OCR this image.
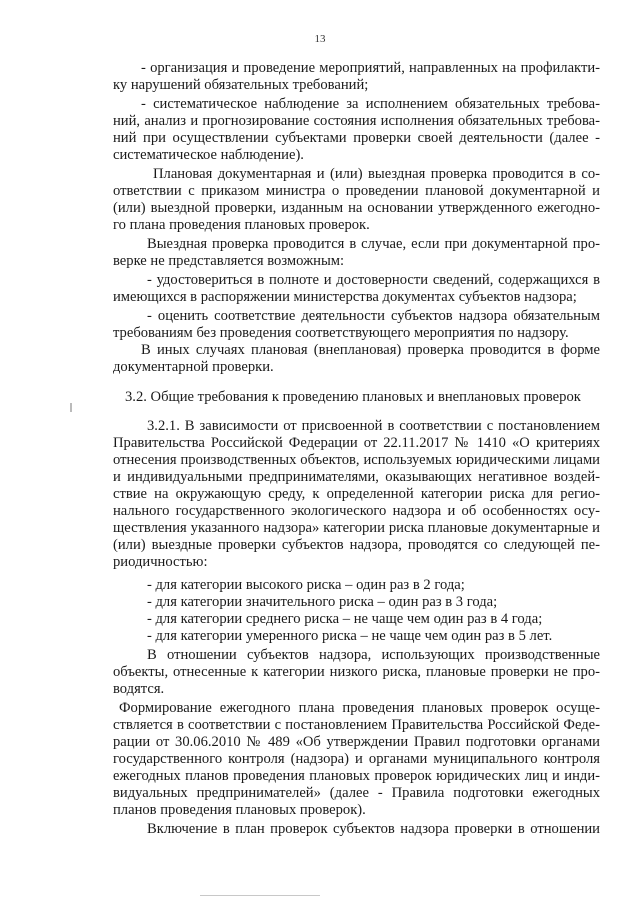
13
- организация и проведение мероприятий, направленных на профилакти-
ку нарушений обязательных требований;
- систематическое наблюдение за исполнением обязательных требова-
ний, анализ и прогнозирование состояния исполнения обязательных требова-
ний при осуществлении субъектами проверки своей деятельности (далее -
систематическое наблюдение).
Плановая документарная и (или) выездная проверка проводится в со-
ответствии с приказом министра о проведении плановой документарной и
(или) выездной проверки, изданным на основании утвержденного ежегодно-
го плана проведения плановых проверок.
Выездная проверка проводится в случае, если при документарной про-
верке не представляется возможным:
- удостовериться в полноте и достоверности сведений, содержащихся в
имеющихся в распоряжении министерства документах субъектов надзора;
- оценить соответствие деятельности субъектов надзора обязательным
требованиям без проведения соответствующего мероприятия по надзору.
В иных случаях плановая (внеплановая) проверка проводится в форме
документарной проверки.
3.2. Общие требования к проведению плановых и внеплановых проверок
3.2.1. В зависимости от присвоенной в соответствии с постановлением
Правительства Российской Федерации от 22.11.2017 № 1410 «О критериях
отнесения производственных объектов, используемых юридическими лицами
и индивидуальными предпринимателями, оказывающих негативное воздей-
ствие на окружающую среду, к определенной категории риска для регио-
нального государственного экологического надзора и об особенностях осу-
ществления указанного надзора» категории риска плановые документарные и
(или) выездные проверки субъектов надзора, проводятся со следующей пе-
риодичностью:
- для категории высокого риска – один раз в 2 года;
- для категории значительного риска – один раз в 3 года;
- для категории среднего риска – не чаще чем один раз в 4 года;
- для категории умеренного риска – не чаще чем один раз в 5 лет.
В отношении субъектов надзора, использующих производственные
объекты, отнесенные к категории низкого риска, плановые проверки не про-
водятся.
Формирование ежегодного плана проведения плановых проверок осуще-
ствляется в соответствии с постановлением Правительства Российской Феде-
рации от 30.06.2010 № 489 «Об утверждении Правил подготовки органами
государственного контроля (надзора) и органами муниципального контроля
ежегодных планов проведения плановых проверок юридических лиц и инди-
видуальных предпринимателей» (далее - Правила подготовки ежегодных
планов проведения плановых проверок).
Включение в план проверок субъектов надзора проверки в отношении
